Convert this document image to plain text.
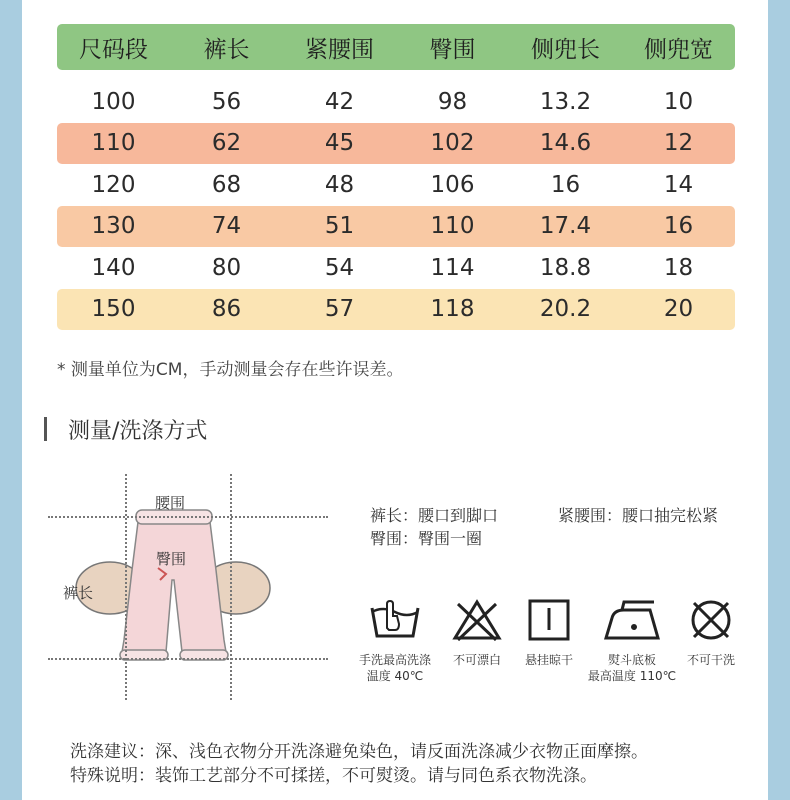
尺码段	裤长	紧腰围	臀围	侧兜长	侧兜宽
100	56	42	98	13.2	10
110	62	45	102	14.6	12
120	68	48	106	16	14
130	74	51	110	17.4	16
140	80	54	114	18.8	18
150	86	57	118	20.2	20
* 测量单位为CM，手动测量会存在些许误差。
测量/洗涤方式
腰围
臀围
裤长
裤长：腰口到脚口	紧腰围：腰口抽完松紧
臀围：臀围一圈
手洗最高洗涤
温度 40℃
不可漂白	悬挂晾干	熨斗底板
最高温度 110℃
不可干洗
洗涤建议：深、浅色衣物分开洗涤避免染色，请反面洗涤减少衣物正面摩擦。
特殊说明：装饰工艺部分不可揉搓，不可熨烫。请与同色系衣物洗涤。
